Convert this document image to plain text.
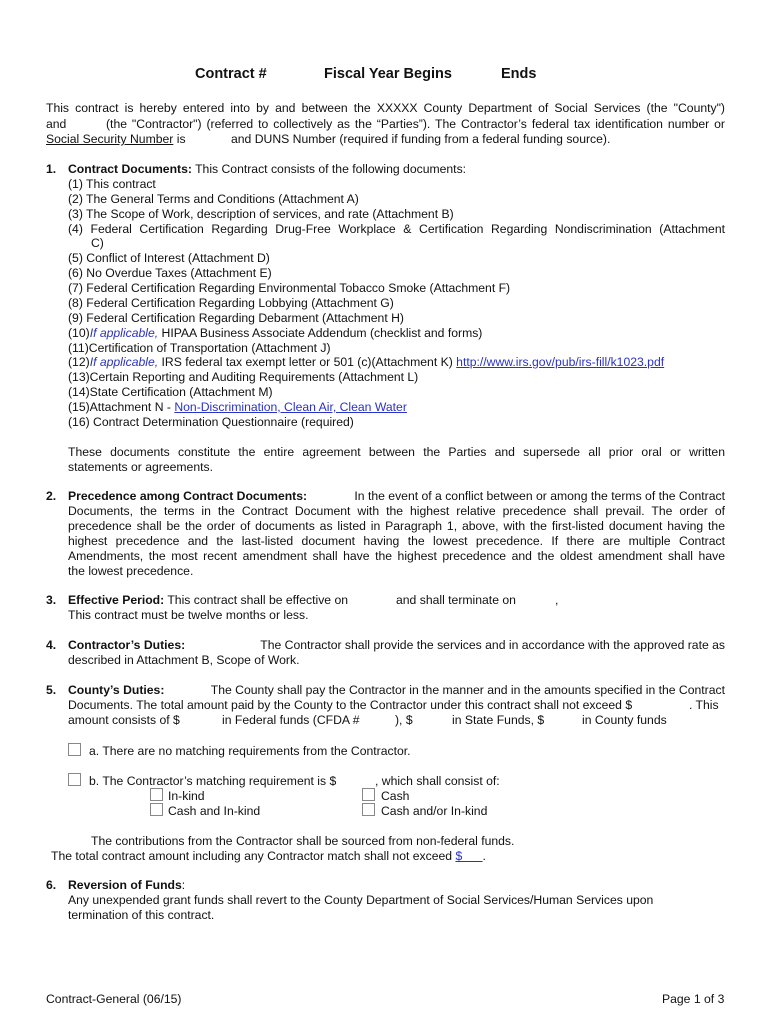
Contract #	Fiscal Year Begins	Ends
This contract is hereby entered into by and between the XXXXX County Department of Social Services (the "County")
and	(the "Contractor") (referred to collectively as the “Parties”). The Contractor’s federal tax identification number or
Social Security Number is	and DUNS Number (required if funding from a federal funding source).
1. Contract Documents: This Contract consists of the following documents:
(1) This contract
(2) The General Terms and Conditions (Attachment A)
(3) The Scope of Work, description of services, and rate (Attachment B)
(4) Federal Certification Regarding Drug-Free Workplace & Certification Regarding Nondiscrimination (Attachment
C)
(5) Conflict of Interest (Attachment D)
(6) No Overdue Taxes (Attachment E)
(7) Federal Certification Regarding Environmental Tobacco Smoke (Attachment F)
(8) Federal Certification Regarding Lobbying (Attachment G)
(9) Federal Certification Regarding Debarment (Attachment H)
(10)If applicable, HIPAA Business Associate Addendum (checklist and forms)
(11)Certification of Transportation (Attachment J)
(12)If applicable, IRS federal tax exempt letter or 501 (c)(Attachment K) http://www.irs.gov/pub/irs-fill/k1023.pdf
(13)Certain Reporting and Auditing Requirements (Attachment L)
(14)State Certification (Attachment M)
(15)Attachment N - Non-Discrimination, Clean Air, Clean Water
(16) Contract Determination Questionnaire (required)
These documents constitute the entire agreement between the Parties and supersede all prior oral or written
statements or agreements.
2. Precedence among Contract Documents:	In the event of a conflict between or among the terms of the Contract
Documents, the terms in the Contract Document with the highest relative precedence shall prevail. The order of
precedence shall be the order of documents as listed in Paragraph 1, above, with the first-listed document having the
highest precedence and the last-listed document having the lowest precedence. If there are multiple Contract
Amendments, the most recent amendment shall have the highest precedence and the oldest amendment shall have
the lowest precedence.
3. Effective Period: This contract shall be effective on	and shall terminate on	,
This contract must be twelve months or less.
4. Contractor’s Duties:	The Contractor shall provide the services and in accordance with the approved rate as
described in Attachment B, Scope of Work.
5. County’s Duties:	The County shall pay the Contractor in the manner and in the amounts specified in the Contract
Documents. The total amount paid by the County to the Contractor under this contract shall not exceed $	. This
amount consists of $	in Federal funds (CFDA #	), $	in State Funds, $	in County funds
a. There are no matching requirements from the Contractor.
b. The Contractor’s matching requirement is $	, which shall consist of:
In-kind	Cash
Cash and In-kind	Cash and/or In-kind
The contributions from the Contractor shall be sourced from non-federal funds.
The total contract amount including any Contractor match shall not exceed $      .
6. Reversion of Funds:
Any unexpended grant funds shall revert to the County Department of Social Services/Human Services upon
termination of this contract.
Contract-General (06/15)	Page 1 of 3
